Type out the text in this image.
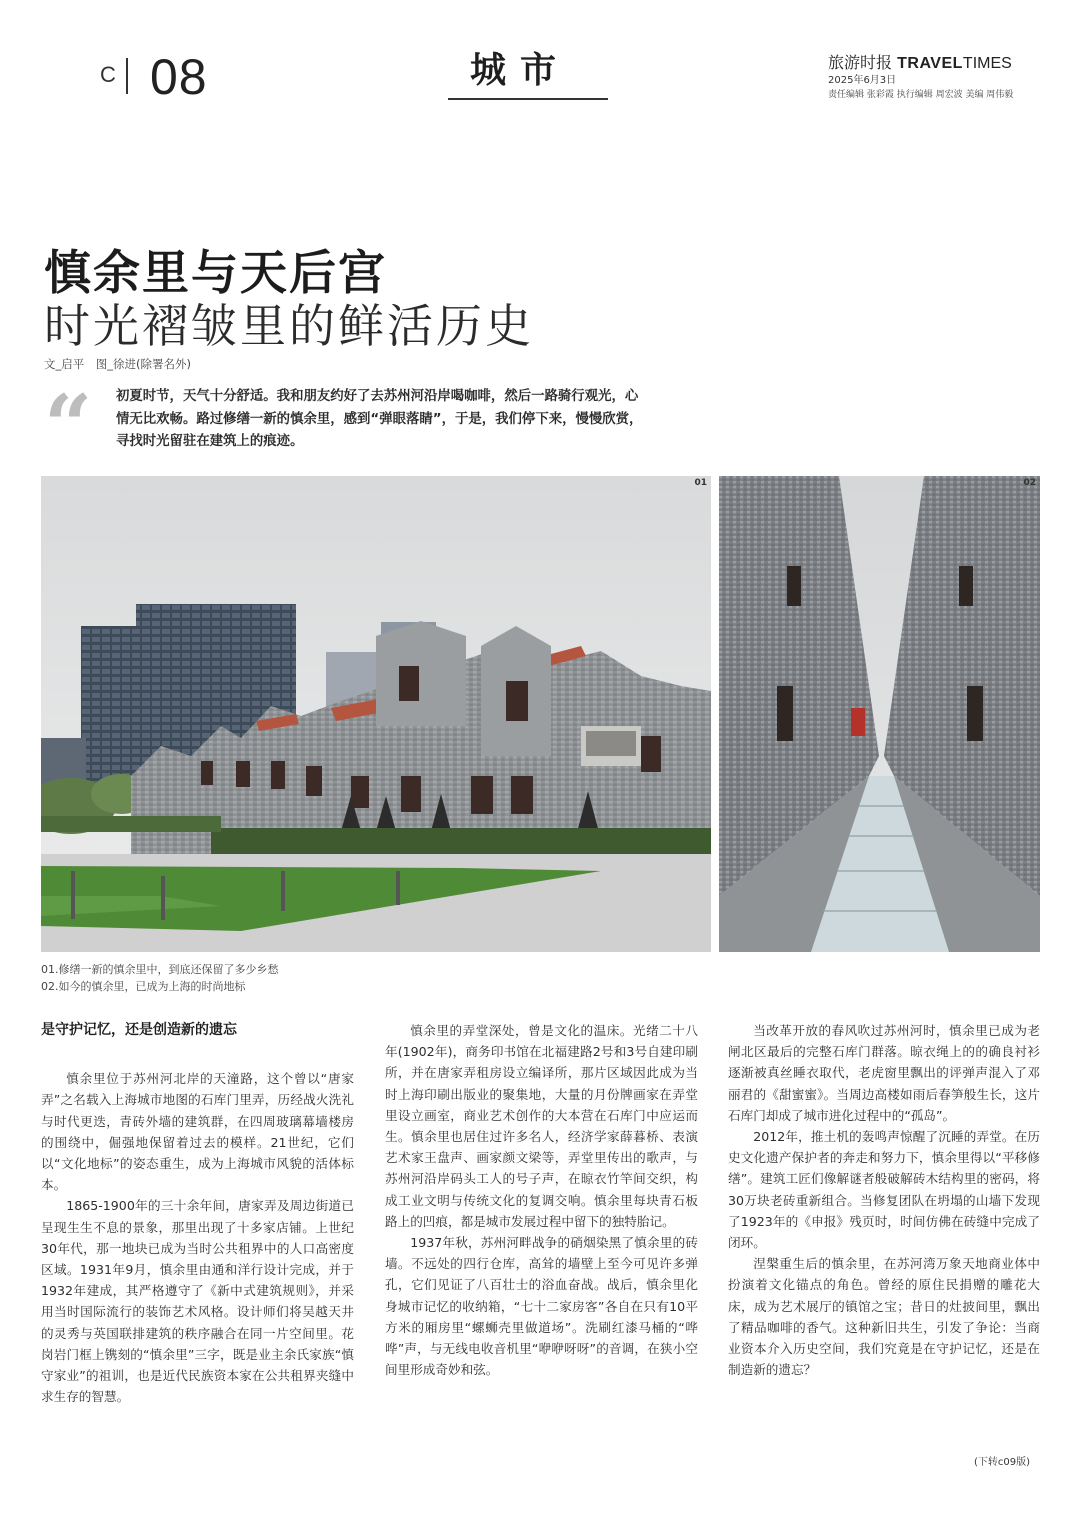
C 08	城市	旅游时报 TRAVELTIMES
2025年6月3日
责任编辑 张彩霞 执行编辑 周宏波 美编 周伟毅
慎余里与天后宫
时光褶皱里的鲜活历史
文_启平　图_徐进(除署名外)
“ 初夏时节，天气十分舒适。我和朋友约好了去苏州河沿岸喝咖啡，然后一路骑行观光，心情无比欢畅。路过修缮一新的慎余里，感到“弹眼落睛”，于是，我们停下来，慢慢欣赏，寻找时光留驻在建筑上的痕迹。
01	02
01.修缮一新的慎余里中，到底还保留了多少乡愁
02.如今的慎余里，已成为上海的时尚地标

是守护记忆，还是创造新的遗忘

慎余里位于苏州河北岸的天潼路，这个曾以“唐家弄”之名载入上海城市地图的石库门里弄，历经战火洗礼与时代更迭，青砖外墙的建筑群，在四周玻璃幕墙楼房的围绕中，倔强地保留着过去的模样。21世纪，它们以“文化地标”的姿态重生，成为上海城市风貌的活体标本。

1865-1900年的三十余年间，唐家弄及周边街道已呈现生生不息的景象，那里出现了十多家店铺。上世纪30年代，那一地块已成为当时公共租界中的人口高密度区域。1931年9月，慎余里由通和洋行设计完成，并于1932年建成，其严格遵守了《新中式建筑规则》，并采用当时国际流行的装饰艺术风格。设计师们将吴越天井的灵秀与英国联排建筑的秩序融合在同一片空间里。花岗岩门框上镌刻的“慎余里”三字，既是业主余氏家族“慎守家业”的祖训，也是近代民族资本家在公共租界夹缝中求生存的智慧。

慎余里的弄堂深处，曾是文化的温床。光绪二十八年(1902年)，商务印书馆在北福建路2号和3号自建印刷所，并在唐家弄租房设立编译所，那片区域因此成为当时上海印刷出版业的聚集地，大量的月份牌画家在弄堂里设立画室，商业艺术创作的大本营在石库门中应运而生。慎余里也居住过许多名人，经济学家薛暮桥、表演艺术家王盘声、画家颜文梁等，弄堂里传出的歌声，与苏州河沿岸码头工人的号子声，在晾衣竹竿间交织，构成工业文明与传统文化的复调交响。慎余里每块青石板路上的凹痕，都是城市发展过程中留下的独特胎记。

1937年秋，苏州河畔战争的硝烟染黑了慎余里的砖墙。不远处的四行仓库，高耸的墙壁上至今可见许多弹孔，它们见证了八百壮士的浴血奋战。战后，慎余里化身城市记忆的收纳箱，“七十二家房客”各自在只有10平方米的厢房里“螺蛳壳里做道场”。洗刷红漆马桶的“哗哗”声，与无线电收音机里“咿咿呀呀”的音调，在狭小空间里形成奇妙和弦。

当改革开放的春风吹过苏州河时，慎余里已成为老闸北区最后的完整石库门群落。晾衣绳上的的确良衬衫逐渐被真丝睡衣取代，老虎窗里飘出的评弹声混入了邓丽君的《甜蜜蜜》。当周边高楼如雨后春笋般生长，这片石库门却成了城市进化过程中的“孤岛”。

2012年，推土机的轰鸣声惊醒了沉睡的弄堂。在历史文化遗产保护者的奔走和努力下，慎余里得以“平移修缮”。建筑工匠们像解谜者般破解砖木结构里的密码，将30万块老砖重新组合。当修复团队在坍塌的山墙下发现了1923年的《申报》残页时，时间仿佛在砖缝中完成了闭环。

涅槃重生后的慎余里，在苏河湾万象天地商业体中扮演着文化锚点的角色。曾经的原住民捐赠的雕花大床，成为艺术展厅的镇馆之宝；昔日的灶披间里，飘出了精品咖啡的香气。这种新旧共生，引发了争论：当商业资本介入历史空间，我们究竟是在守护记忆，还是在制造新的遗忘？

(下转c09版)
